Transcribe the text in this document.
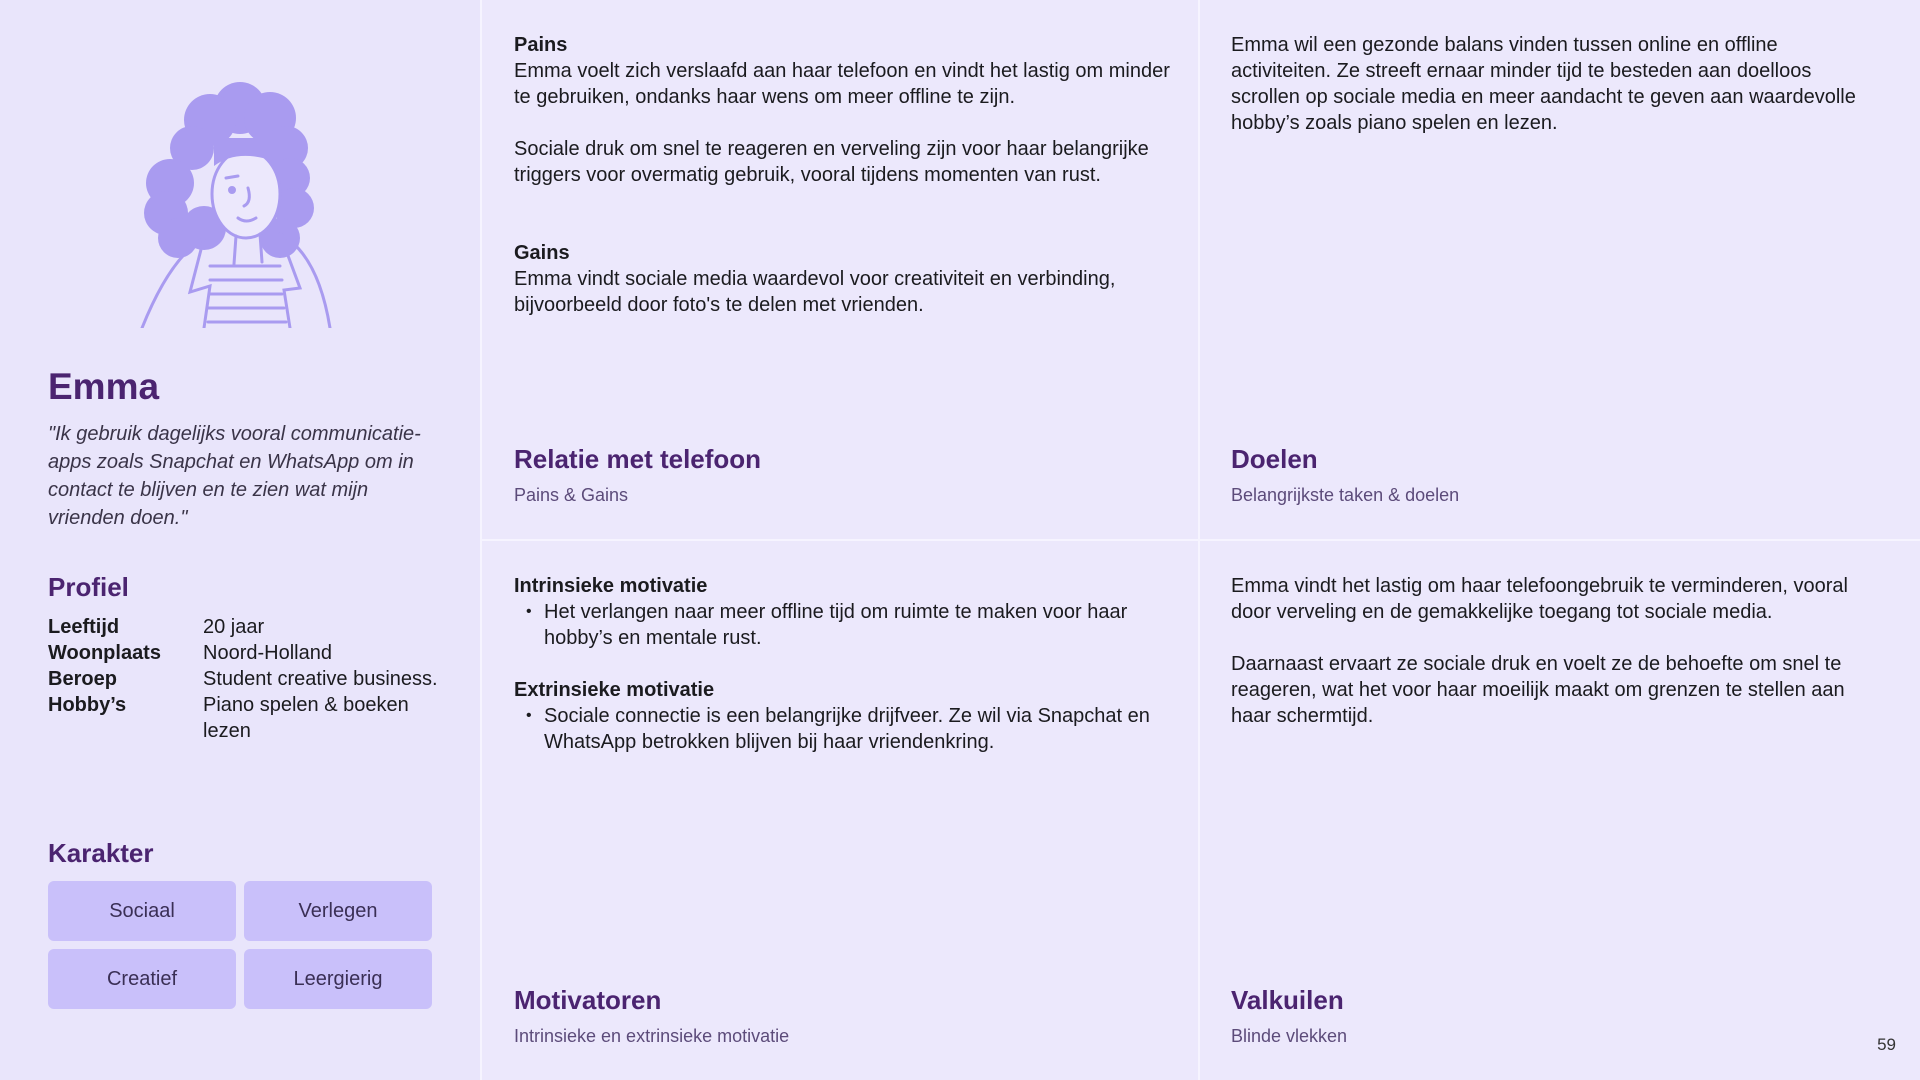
Emma

"Ik gebruik dagelijks vooral communicatie-apps zoals Snapchat en WhatsApp om in contact te blijven en te zien wat mijn vrienden doen."

Profiel
Leeftijd	20 jaar
Woonplaats	Noord-Holland
Beroep	Student creative business.
Hobby’s	Piano spelen & boeken lezen
Karakter
Sociaal	Verlegen
Creatief	Leergierig

Pains

Emma voelt zich verslaafd aan haar telefoon en vindt het lastig om minder te gebruiken, ondanks haar wens om meer offline te zijn.

Sociale druk om snel te reageren en verveling zijn voor haar belangrijke triggers voor overmatig gebruik, vooral tijdens momenten van rust.

Gains

Emma vindt sociale media waardevol voor creativiteit en verbinding, bijvoorbeeld door foto's te delen met vrienden.

Relatie met telefoon

Pains & Gains

Emma wil een gezonde balans vinden tussen online en offline activiteiten. Ze streeft ernaar minder tijd te besteden aan doelloos scrollen op sociale media en meer aandacht te geven aan waardevolle hobby’s zoals piano spelen en lezen.

Doelen

Belangrijkste taken & doelen

Intrinsieke motivatie

• Het verlangen naar meer offline tijd om ruimte te maken voor haar hobby’s en mentale rust.

Extrinsieke motivatie

• Sociale connectie is een belangrijke drijfveer. Ze wil via Snapchat en WhatsApp betrokken blijven bij haar vriendenkring.
Motivatoren

Intrinsieke en extrinsieke motivatie

Emma vindt het lastig om haar telefoongebruik te verminderen, vooral door verveling en de gemakkelijke toegang tot sociale media.

Daarnaast ervaart ze sociale druk en voelt ze de behoefte om snel te reageren, wat het voor haar moeilijk maakt om grenzen te stellen aan haar schermtijd.

Valkuilen

Blinde vlekken	59
